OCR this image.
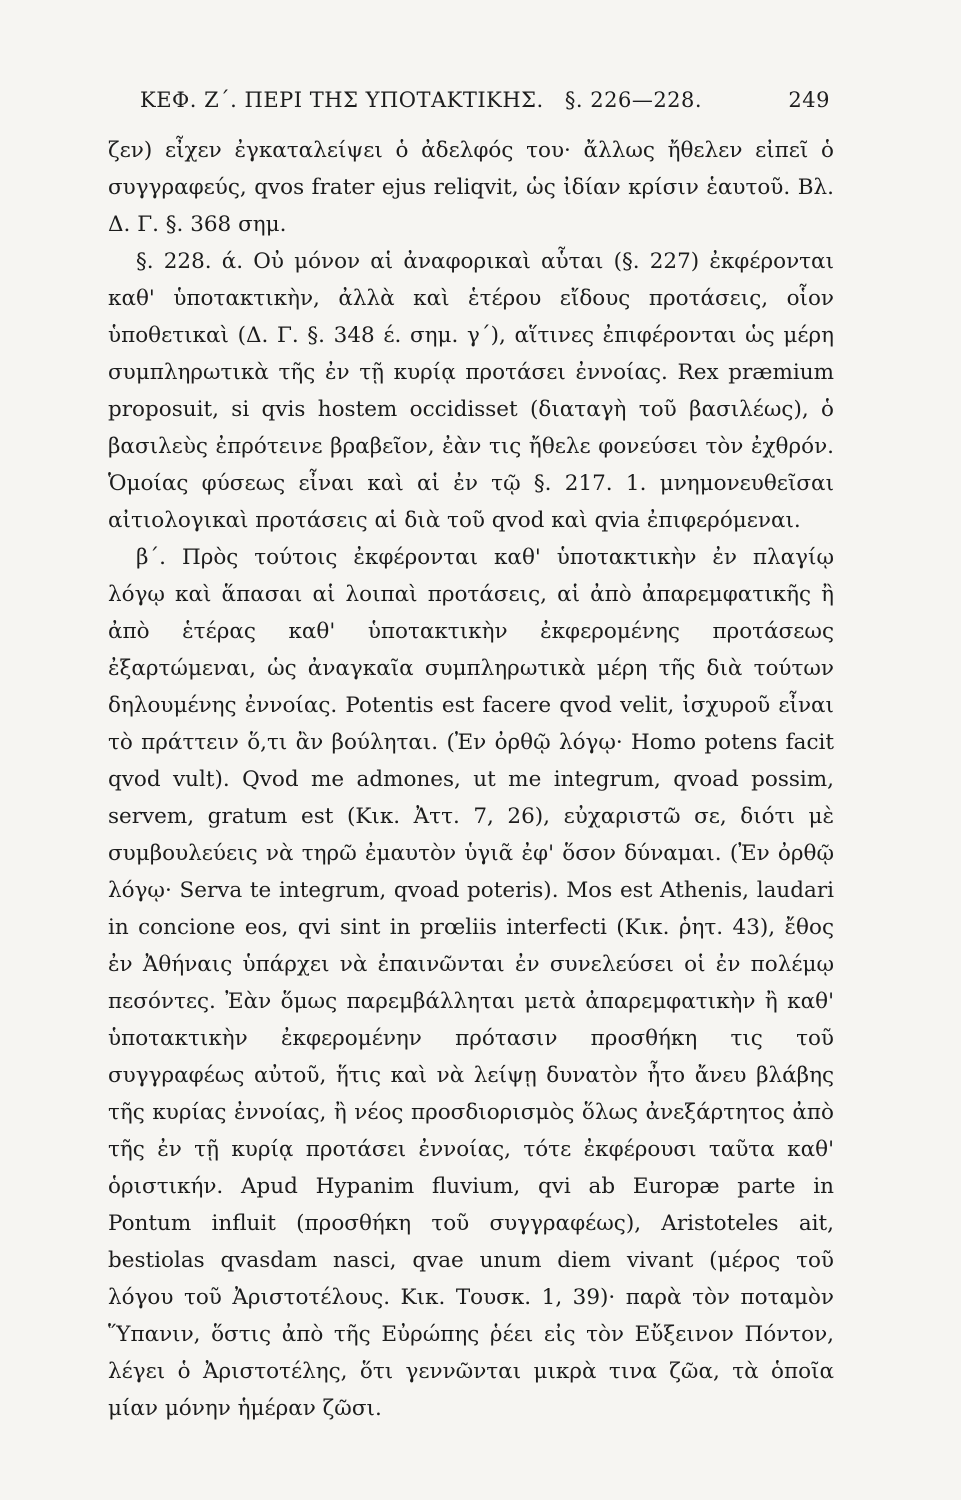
ΚΕΦ. Ζ΄. ΠΕΡΙ ΤΗΣ ΥΠΟΤΑΚΤΙΚΗΣ. §. 226—228.	249

ζεν) εἶχεν ἐγκαταλείψει ὁ ἀδελφός του· ἄλλως ἤθελεν εἰπεῖ ὁ συγγραφεύς, qvos frater ejus reliqvit, ὡς ἰδίαν κρίσιν ἑαυτοῦ. Βλ. Δ. Γ. §. 368 σημ.

§. 228. ά. Οὐ μόνον αἱ ἀναφορικαὶ αὗται (§. 227) ἐκφέρονται καθ' ὑποτακτικὴν, ἀλλὰ καὶ ἑτέρου εἴδους προτάσεις, οἷον ὑποθετικαὶ (Δ. Γ. §. 348 έ. σημ. γ΄), αἵτινες ἐπιφέρονται ὡς μέρη συμπληρωτικὰ τῆς ἐν τῇ κυρίᾳ προτάσει ἐννοίας. Rex præmium proposuit, si qvis hostem occidisset (διαταγὴ τοῦ βασιλέως), ὁ βασιλεὺς ἐπρότεινε βραβεῖον, ἐὰν τις ἤθελε φονεύσει τὸν ἐχθρόν. Ὁμοίας φύσεως εἶναι καὶ αἱ ἐν τῷ §. 217. 1. μνημονευθεῖσαι αἰτιολογικαὶ προτάσεις αἱ διὰ τοῦ qvod καὶ qvia ἐπιφερόμεναι.

β΄. Πρὸς τούτοις ἐκφέρονται καθ' ὑποτακτικὴν ἐν πλαγίῳ λόγῳ καὶ ἅπασαι αἱ λοιπαὶ προτάσεις, αἱ ἀπὸ ἀπαρεμφατικῆς ἢ ἀπὸ ἑτέρας καθ' ὑποτακτικὴν ἐκφερομένης προτάσεως ἐξαρτώμεναι, ὡς ἀναγκαῖα συμπληρωτικὰ μέρη τῆς διὰ τούτων δηλουμένης ἐννοίας. Potentis est facere qvod velit, ἰσχυροῦ εἶναι τὸ πράττειν ὅ,τι ἂν βούληται. (Ἐν ὀρθῷ λόγῳ· Homo potens facit qvod vult). Qvod me admones, ut me integrum, qvoad possim, servem, gratum est (Κικ. Ἀττ. 7, 26), εὐχαριστῶ σε, διότι μὲ συμβουλεύεις νὰ τηρῶ ἐμαυτὸν ὑγιᾶ ἐφ' ὅσον δύναμαι. (Ἐν ὀρθῷ λόγῳ· Serva te integrum, qvoad poteris). Mos est Athenis, laudari in concione eos, qvi sint in prœliis interfecti (Κικ. ῥητ. 43), ἔθος ἐν Ἀθήναις ὑπάρχει νὰ ἐπαινῶνται ἐν συνελεύσει οἱ ἐν πολέμῳ πεσόντες. Ἐὰν ὅμως παρεμβάλληται μετὰ ἀπαρεμφατικὴν ἢ καθ' ὑποτακτικὴν ἐκφερομένην πρότασιν προσθήκη τις τοῦ συγγραφέως αὐτοῦ, ἥτις καὶ νὰ λείψῃ δυνατὸν ἦτο ἄνευ βλάβης τῆς κυρίας ἐννοίας, ἢ νέος προσδιορισμὸς ὅλως ἀνεξάρτητος ἀπὸ τῆς ἐν τῇ κυρίᾳ προτάσει ἐννοίας, τότε ἐκφέρουσι ταῦτα καθ' ὁριστικήν. Apud Hypanim fluvium, qvi ab Europæ parte in Pontum influit (προσθήκη τοῦ συγγραφέως), Aristoteles ait, bestiolas qvasdam nasci, qvae unum diem vivant (μέρος τοῦ λόγου τοῦ Ἀριστοτέλους. Κικ. Τουσκ. 1, 39)· παρὰ τὸν ποταμὸν Ὕπανιν, ὅστις ἀπὸ τῆς Εὐρώπης ῥέει εἰς τὸν Εὔξεινον Πόντον, λέγει ὁ Ἀριστοτέλης, ὅτι γεννῶνται μικρὰ τινα ζῶα, τὰ ὁποῖα μίαν μόνην ἡμέραν ζῶσι.
